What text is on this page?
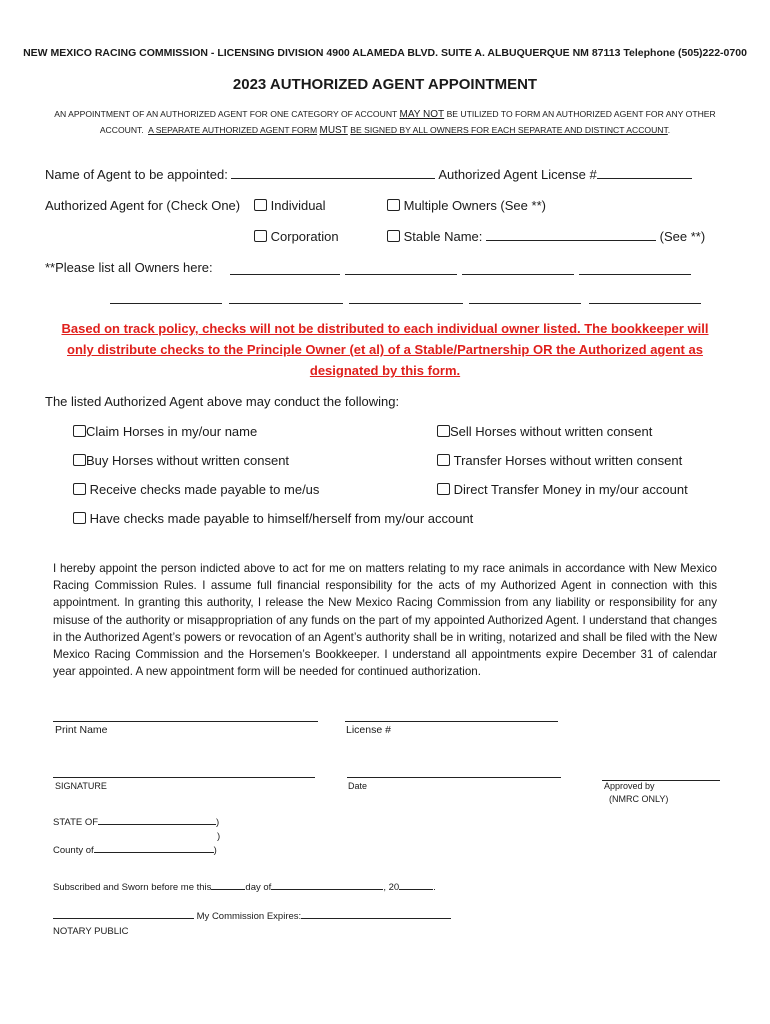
NEW MEXICO RACING COMMISSION - LICENSING DIVISION 4900 ALAMEDA BLVD. SUITE A. ALBUQUERQUE NM 87113 Telephone (505)222-0700
2023 AUTHORIZED AGENT APPOINTMENT
AN APPOINTMENT OF AN AUTHORIZED AGENT FOR ONE CATEGORY OF ACCOUNT MAY NOT BE UTILIZED TO FORM AN AUTHORIZED AGENT FOR ANY OTHER
ACCOUNT. A SEPARATE AUTHORIZED AGENT FORM MUST BE SIGNED BY ALL OWNERS FOR EACH SEPARATE AND DISTINCT ACCOUNT.
Name of Agent to be appointed:	Authorized Agent License #
Authorized Agent for (Check One)	Individual	Multiple Owners (See **)
Corporation	Stable Name:	(See **)
**Please list all Owners here:
Based on track policy, checks will not be distributed to each individual owner listed. The bookkeeper will
only distribute checks to the Principle Owner (et al) of a Stable/Partnership OR the Authorized agent as
designated by this form.
The listed Authorized Agent above may conduct the following:
Claim Horses in my/our name	Sell Horses without written consent
Buy Horses without written consent	Transfer Horses without written consent
Receive checks made payable to me/us	Direct Transfer Money in my/our account
Have checks made payable to himself/herself from my/our account
I hereby appoint the person indicted above to act for me on matters relating to my race animals in accordance with New Mexico Racing Commission Rules. I assume full financial responsibility for the acts of my Authorized Agent in connection with this appointment. In granting this authority, I release the New Mexico Racing Commission from any liability or responsibility for any misuse of the authority or misappropriation of any funds on the part of my appointed Authorized Agent. I understand that changes in the Authorized Agent’s powers or revocation of an Agent’s authority shall be in writing, notarized and shall be filed with the New Mexico Racing Commission and the Horsemen’s Bookkeeper. I understand all appointments expire December 31 of calendar year appointed. A new appointment form will be needed for continued authorization.
Print Name	License #
SIGNATURE	Date	Approved by
(NMRC ONLY)
STATE OF	)
)
County of	)
Subscribed and Sworn before me this	day of	, 20	.
My Commission Expires:
NOTARY PUBLIC
